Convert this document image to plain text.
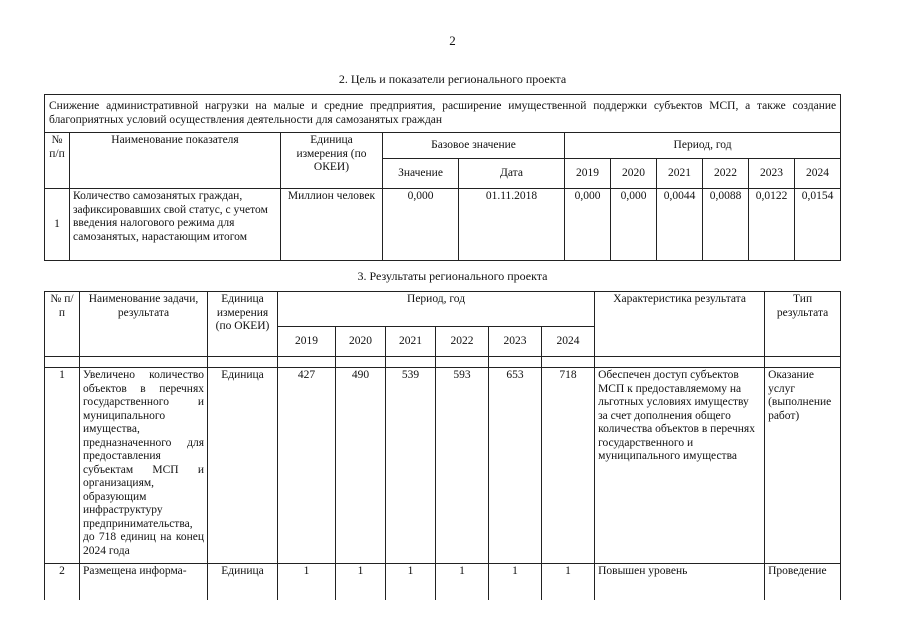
2
2. Цель и показатели регионального проекта
Снижение административной нагрузки на малые и средние предприятия, расширение имущественной поддержки субъектов МСП, а также создание благоприятных условий осуществления деятельности для самозанятых граждан										
№ п/п	Наименование показателя	Единица измерения (по ОКЕИ)	Базовое значение		Период, год					
			Значение	Дата	2019	2020	2021	2022	2023	2024
1	Количество самозанятых граждан, зафиксировавших свой статус, с учетом введения налогового режима для самозанятых, нарастающим итогом	Миллион человек	0,000	01.11.2018	0,000	0,000	0,0044	0,0088	0,0122	0,0154
3. Результаты регионального проекта
№ п/п	Наименование задачи, результата	Единица измерения (по ОКЕИ)	Период, год						Характеристика результата	Тип результата
			2019	2020	2021	2022	2023	2024		

1	Увеличено количество объектов в перечнях государственного и муниципального имущества, предназначенного для предоставления субъектам МСП и организациям, образующим инфраструктуру предпринимательства, до 718 единиц на конец 2024 года	Единица	427	490	539	593	653	718	Обеспечен доступ субъектов МСП к предоставляемому на льготных условиях имуществу за счет дополнения общего количества объектов в перечнях государственного и муниципального имущества	Оказание услуг (выполнение работ)
2	Размещена информа-	Единица	1	1	1	1	1	1	Повышен уровень	Проведение
